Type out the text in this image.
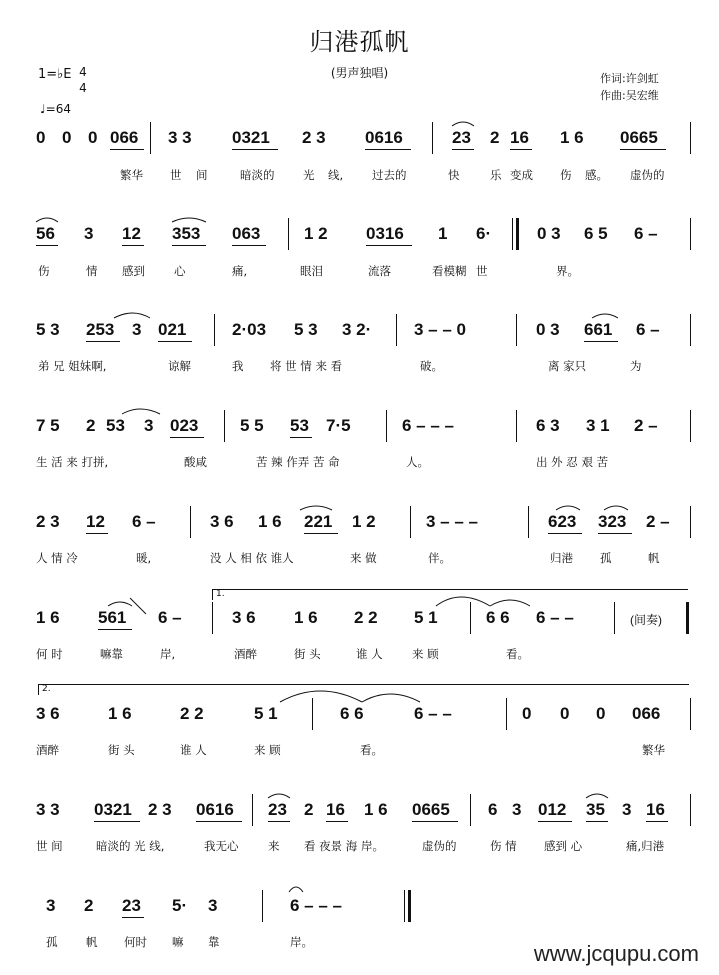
归港孤帆
(男声独唱)	作词:许剑虹
作曲:吴宏维
1=♭E 4
4
♩=64
0 0 0 066 3 3 0321 2 3 0616	23 2 16 1 6 0665
繁华 世 间	暗淡的 光 线,	过去的	快	乐 变成 伤 感。 虚伪的
56 3 12 353 063	1 2 0316 1 6·	0 3 6 5 6 –
伤	情 感到	心	痛,	眼泪	流落	看模糊 世	界。
5 3 253 3 021	2·03 5 3 3 2·	3 – – 0	0 3 661 6 –
弟 兄 姐妹啊,	谅解	我 将 世 情 来 看	破。	离 家只	为
7 5 2 53 3 023 5 5 53 7·5	6 – – –	6 3 3 1 2 –
生 活 来 打拼,	酸咸	苦 辣 作弄 苦 命	人。	出 外 忍 艰 苦
2 3 12 6 –	3 6 1 6 221 1 2	3 – – –	623 323 2 –
人 情 冷	暖,	没 人 相 依 谁人	来 做	伴。	归港 孤	帆
1.
1 6 561 6 –	3 6 1 6 2 2 5 1	6 6 6 – –	(间奏)
何 时	嘛靠	岸,	酒醉	街 头	谁 人	来 顾	看。
2.
3 6	1 6	2 2	5 1	6 6	6 – –	0 0 0 066
酒醉	街 头	谁 人	来 顾	看。	繁华
3 3 0321 2 3 0616 23 2 16 1 6 0665 6 3 012 35 3 16
世 间	暗淡的 光 线,	我无心	来 看 夜景 海 岸。	虚伪的	伤 情 感到 心	痛,归港
3 2 23 5· 3	6 – – –
孤 帆 何时 嘛 靠	岸。	www.jcqupu.com
